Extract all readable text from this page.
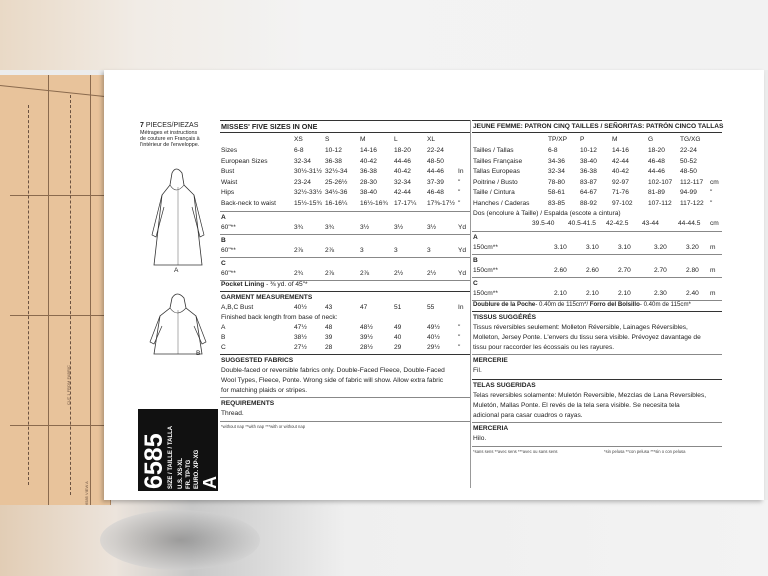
CUT 1 FROM FABRIC
6585 VIEW A
7 PIECES/PIEZAS
Métrages et instructions
de couture en Français à
l'intérieur de l'enveloppe.
A
B
MISSES' FIVE SIZES IN ONE
6585 SIZE / TAILLE / TALLA U.S. XS-XL FR. TP-TG EURO. XP-XG A
JEUNE FEMME: PATRON CINQ TAILLES / SEÑORITAS: PATRÓN CINCO TALLAS
XS	S	M	L	XL
Sizes	6-8	10-12	14-16	18-20 22-24
European Sizes	32-34 36-38	40-42	44-46 48-50
Bust	30½-31½ 32½-34 36-38	40-42 44-46 In
Waist	23-24 25-26½ 28-30	32-34 37-39 "
Hips	32½-33½ 34½-36 38-40	42-44 46-48 "
Back-neck to waist	15½-15¾ 16-16¼ 16½-16¾ 17-17¼ 17⅜-17½ "
A
60"**	3¾	3¾	3½	3½	3½	Yd
B
60"**	2⅞	2⅞	3	3	3	Yd
C
60"**	2¾	2⅞	2⅞	2½	2½	Yd
Pocket Lining - ⅜ yd. of 45"*
GARMENT MEASUREMENTS
A,B,C Bust	40½	43	47	51	55	In
Finished back length from base of neck:
A	47½	48	48½	49	49½	"
B	38½	39	39½	40	40½	"
C	27½	28	28½	29	29½	"
SUGGESTED FABRICS
Double-faced or reversible fabrics only. Double-Faced Fleece, Double-Faced
Wool Types, Fleece, Ponte. Wrong side of fabric will show. Allow extra fabric
for matching plaids or stripes.
REQUIREMENTS
Thread.
*without nap **with nap ***with or without nap
TP/XP P	M	G	TG/XG
Tailles / Tallas	6-8	10-12 14-16	18-20 22-24
Tailles Française	34-36 38-40 42-44	46-48 50-52
Tallas Europeas	32-34 36-38 40-42	44-46 48-50
Poitrine / Busto	78-80 83-87 92-97	102-107 112-117 cm
Taille / Cintura	58-61 64-67 71-76	81-89 94-99 "
Hanches / Caderas	83-85 88-92 97-102 107-112 117-122 "
Dos (encolure à Taille) / Espalda (escote a cintura)
39.5-40 40.5-41.5 42-42.5 43-44	44-44.5 cm
A
150cm**	3.10	3.10	3.10	3.20	3.20 m
B
150cm**	2.60	2.60	2.70	2.70	2.80 m
C
150cm**	2.10	2.10	2.10	2.30	2.40 m
Doublure de la Poche- 0.40m de 115cm*/ Forro del Bolsillo- 0.40m de 115cm*
TISSUS SUGGÉRÉS
Tissus réversibles seulement: Molleton Réversible, Lainages Réversibles,
Molleton, Jersey Ponte. L'envers du tissu sera visible. Prévoyez davantage de
tissu pour raccorder les écossais ou les rayures.
MERCERIE
Fil.
TELAS SUGERIDAS
Telas reversibles solamente: Muletón Reversible, Mezclas de Lana Reversibles,
Muletón, Mallas Ponte. El revés de la tela sera visible. Se necesita tela
adicional para casar cuadros o rayas.
MERCERIA
Hilo.
*sans sens **avec sens ***avec ou sans sens	*sin pelusa **con pelusa ***sin o con pelusa
